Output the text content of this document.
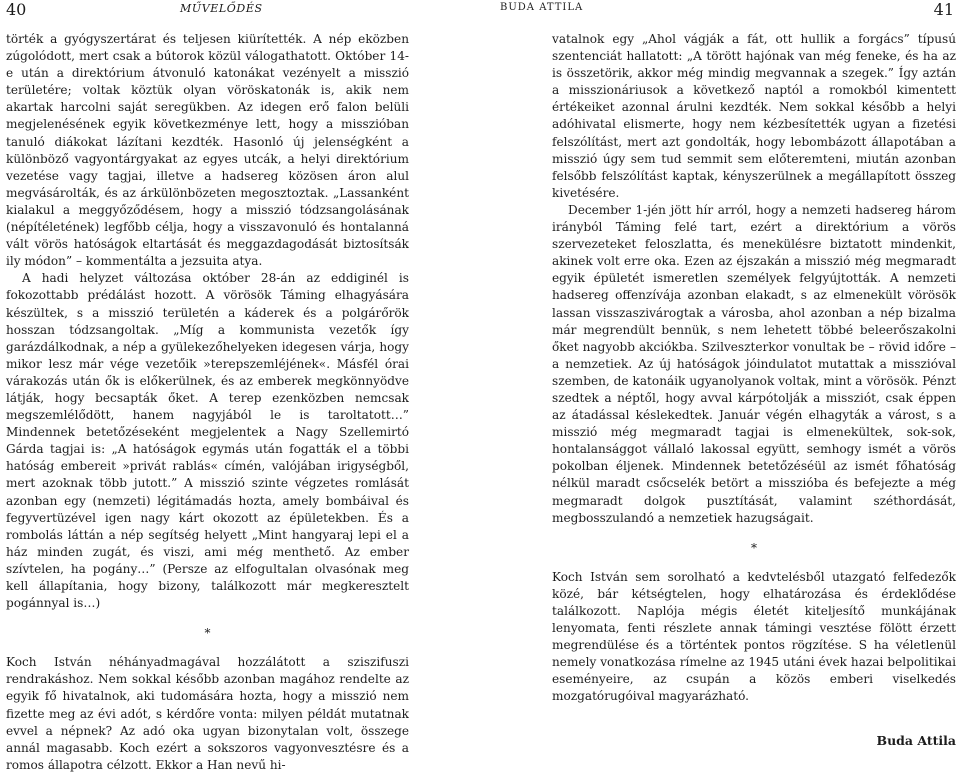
40	MŰVELŐDÉS

törték a gyógyszertárat és teljesen kiürítették. A nép eközben zúgolódott, mert csak a bútorok közül válogathatott. Október 14-e után a direktórium átvonuló katonákat vezényelt a misszió területére; voltak köztük olyan vöröskatonák is, akik nem akartak harcolni saját seregükben. Az idegen erő falon belüli megjelenésének egyik következménye lett, hogy a misszióban tanuló diákokat lázítani kezdték. Hasonló új jelenségként a különböző vagyontárgyakat az egyes utcák, a helyi direktórium vezetése vagy tagjai, illetve a hadsereg közösen áron alul megvásárolták, és az árkülönbözeten megosztoztak. „Lassanként kialakul a meggyőződésem, hogy a misszió tódzsangolásának (népítéletének) legfőbb célja, hogy a visszavonuló és hontalanná vált vörös hatóságok eltartását és meggazdagodását biztosítsák ily módon” – kommentálta a jezsuita atya.

A hadi helyzet változása október 28-án az eddiginél is fokozottabb prédálást hozott. A vörösök Táming elhagyására készültek, s a misszió területén a káderek és a polgárőrök hosszan tódzsangoltak. „Míg a kommunista vezetők így garázdálkodnak, a nép a gyülekezőhelyeken idegesen várja, hogy mikor lesz már vége vezetőik »terepszemléjének«. Másfél órai várakozás után ők is előkerülnek, és az emberek megkönnyödve látják, hogy becsapták őket. A terep ezenközben nemcsak megszemlélődött, hanem nagyjából le is taroltatott…” Mindennek betetőzéseként megjelentek a Nagy Szellemirtó Gárda tagjai is: „A hatóságok egymás után fogatták el a többi hatóság embereit »privát rablás« címén, valójában irigységből, mert azoknak több jutott.” A misszió szinte végzetes romlását azonban egy (nemzeti) légitámadás hozta, amely bombáival és fegyvertüzével igen nagy kárt okozott az épületekben. És a rombolás láttán a nép segítség helyett „Mint hangyaraj lepi el a ház minden zugát, és viszi, ami még menthető. Az ember szívtelen, ha pogány…” (Persze az elfogultalan olvasónak meg kell állapítania, hogy bizony, találkozott már megkeresztelt pogánnyal is…)

*

Koch István néhányadmagával hozzálátott a sziszifuszi rendrakáshoz. Nem sokkal később azonban magához rendelte az egyik fő hivatalnok, aki tudomására hozta, hogy a misszió nem fizette meg az évi adót, s kérdőre vonta: milyen példát mutatnak evvel a népnek? Az adó oka ugyan bizonytalan volt, összege annál magasabb. Koch ezért a sokszoros vagyonvesztésre és a romos állapotra célzott. Ekkor a Han nevű hi-

BUDA ATTILA	41

vatalnok egy „Ahol vágják a fát, ott hullik a forgács” típusú szentenciát hallatott: „A törött hajónak van még feneke, és ha az is összetörik, akkor még mindig megvannak a szegek.” Így aztán a misszionáriusok a következő naptól a romokból kimentett értékeiket azonnal árulni kezdték. Nem sokkal később a helyi adóhivatal elismerte, hogy nem kézbesítették ugyan a fizetési felszólítást, mert azt gondolták, hogy lebombázott állapotában a misszió úgy sem tud semmit sem előteremteni, miután azonban felsőbb felszólítást kaptak, kényszerülnek a megállapított összeg kivetésére.

December 1-jén jött hír arról, hogy a nemzeti hadsereg három irányból Táming felé tart, ezért a direktórium a vörös szervezeteket feloszlatta, és menekülésre biztatott mindenkit, akinek volt erre oka. Ezen az éjszakán a misszió még megmaradt egyik épületét ismeretlen személyek felgyújtották. A nemzeti hadsereg offenzívája azonban elakadt, s az elmenekült vörösök lassan visszaszivárogtak a városba, ahol azonban a nép bizalma már megrendült bennük, s nem lehetett többé beleerőszakolni őket nagyobb akciókba. Szilveszterkor vonultak be – rövid időre – a nemzetiek. Az új hatóságok jóindulatot mutattak a misszióval szemben, de katonáik ugyanolyanok voltak, mint a vörösök. Pénzt szedtek a néptől, hogy avval kárpótolják a missziót, csak éppen az átadással késlekedtek. Január végén elhagyták a várost, s a misszió még megmaradt tagjai is elmenekültek, sok-sok, hontalansággot vállaló lakossal együtt, semhogy ismét a vörös pokolban éljenek. Mindennek betetőzéséül az ismét főhatóság nélkül maradt csőcselék betört a misszióba és befejezte a még megmaradt dolgok pusztítását, valamint széthordását, megbosszulandó a nemzetiek hazugságait.

*

Koch István sem sorolható a kedvtelésből utazgató felfedezők közé, bár kétségtelen, hogy elhatározása és érdeklődése találkozott. Naplója mégis életét kiteljesítő munkájának lenyomata, fenti részlete annak támingi vesztése fölött érzett megrendülése és a történtek pontos rögzítése. S ha véletlenül nemely vonatkozása rímelne az 1945 utáni évek hazai belpolitikai eseményeire, az csupán a közös emberi viselkedés mozgatórugóival magyarázható.

Buda Attila
